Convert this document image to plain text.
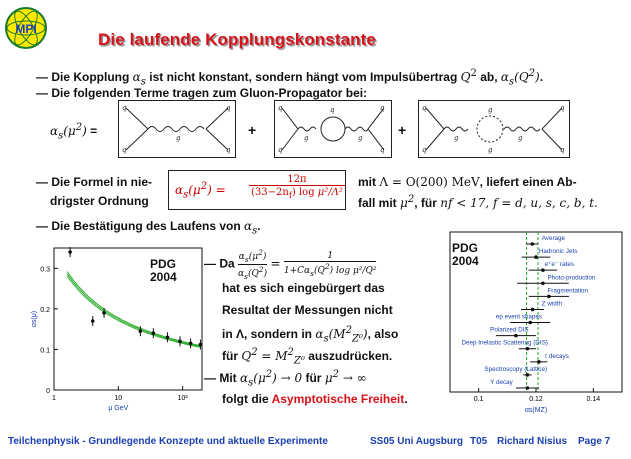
MPI
Die laufende Kopplungskonstante
— Die Kopplung $\alpha_s$ ist nicht konstant, sondern hängt vom Impulsübertrag $Q^2$ ab, $\alpha_s(Q^2)$.
— Die folgenden Terme tragen zum Gluon-Propagator bei:
$\alpha_s(\mu^2)$ =
q
q
q
q
g
q
q
q
q
g	g
q	q
q
q
q
g	g
g
g
+	+
— Die Formel in nie-
drigster Ordnung
$\alpha_s(\mu^2)$ =
12π
$(33-2n_f)$ log μ²/Λ²
mit Λ = O(200) MeV, liefert einen Ab-
fall mit $\mu^2$, für nf < 17, f = d, u, s, c, b, t.
— Die Bestätigung des Laufens von $\alpha_s$.
0
0.1
0.2
0.3
1	10	10²
μ GeV
αs(μ)
PDG
2004
— Da $\frac{\alpha_s(\mu^2)}{\alpha_s(Q^2)}$ =
1
$1+C\alpha_s(Q^2)$ log μ²/Q²
hat es sich eingebürgert das
Resultat der Messungen nicht
in Λ, sondern in $\alpha_s(M^2_{Z^0})$, also
für $Q^2 = M^2_{Z^0}$ auszudrücken.
— Mit $\alpha_s(\mu^2) \to 0$ für $\mu^2$ → ∞
folgt die Asymptotische Freiheit.
Average
Hadronic Jets
e⁺e⁻ rates
Photo-production
Fragmentation
Z width
ep event shapes
Polarized DIS
Deep Inelastic Scattering (DIS)
τ decays
Spectroscopy (Lattice)
Υ decay
0.1	0.12	0.14
αs(MZ)
PDG
2004
Teilchenphysik - Grundlegende Konzepte und aktuelle Experimente	SS05 Uni Augsburg T05 Richard Nisius Page 7
